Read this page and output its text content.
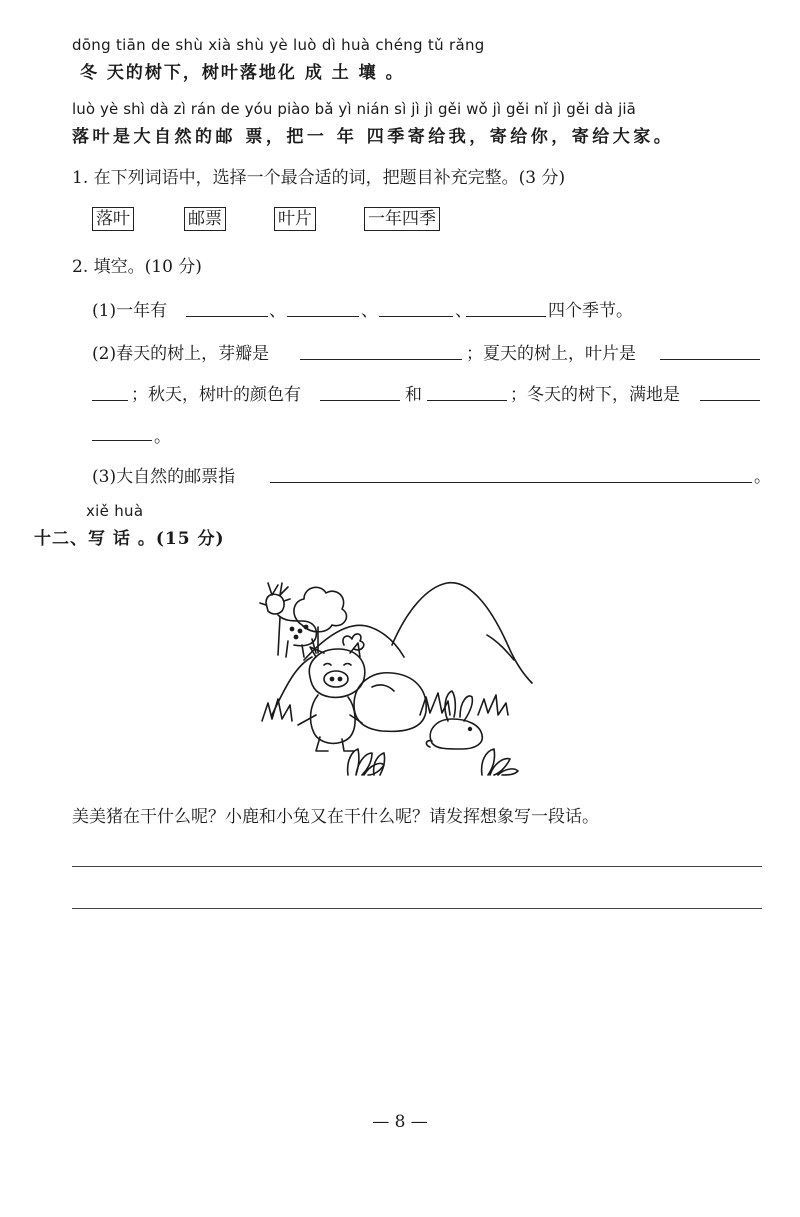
dōng tiān de shù xià shù yè luò dì huà chéng tǔ rǎng
冬 天的树下，树叶落地化 成 土 壤 。
luò yè shì dà zì rán de yóu piào bǎ yì nián sì jì jì gěi wǒ jì gěi nǐ jì gěi dà jiā
落叶是大自然的邮 票，把一 年 四季寄给我，寄给你，寄给大家。
1. 在下列词语中，选择一个最合适的词，把题目补充完整。(3 分)
落叶	邮票	叶片	一年四季
2. 填空。(10 分)
(1)一年有	、	、	、	四个季节。
(2)春天的树上，芽瓣是	；夏天的树上，叶片是
；秋天，树叶的颜色有	和	；冬天的树下，满地是
。
(3)大自然的邮票指	。
xiě huà
十二、写 话 。(15 分)
美美猪在干什么呢？小鹿和小兔又在干什么呢？请发挥想象写一段话。
— 8 —
